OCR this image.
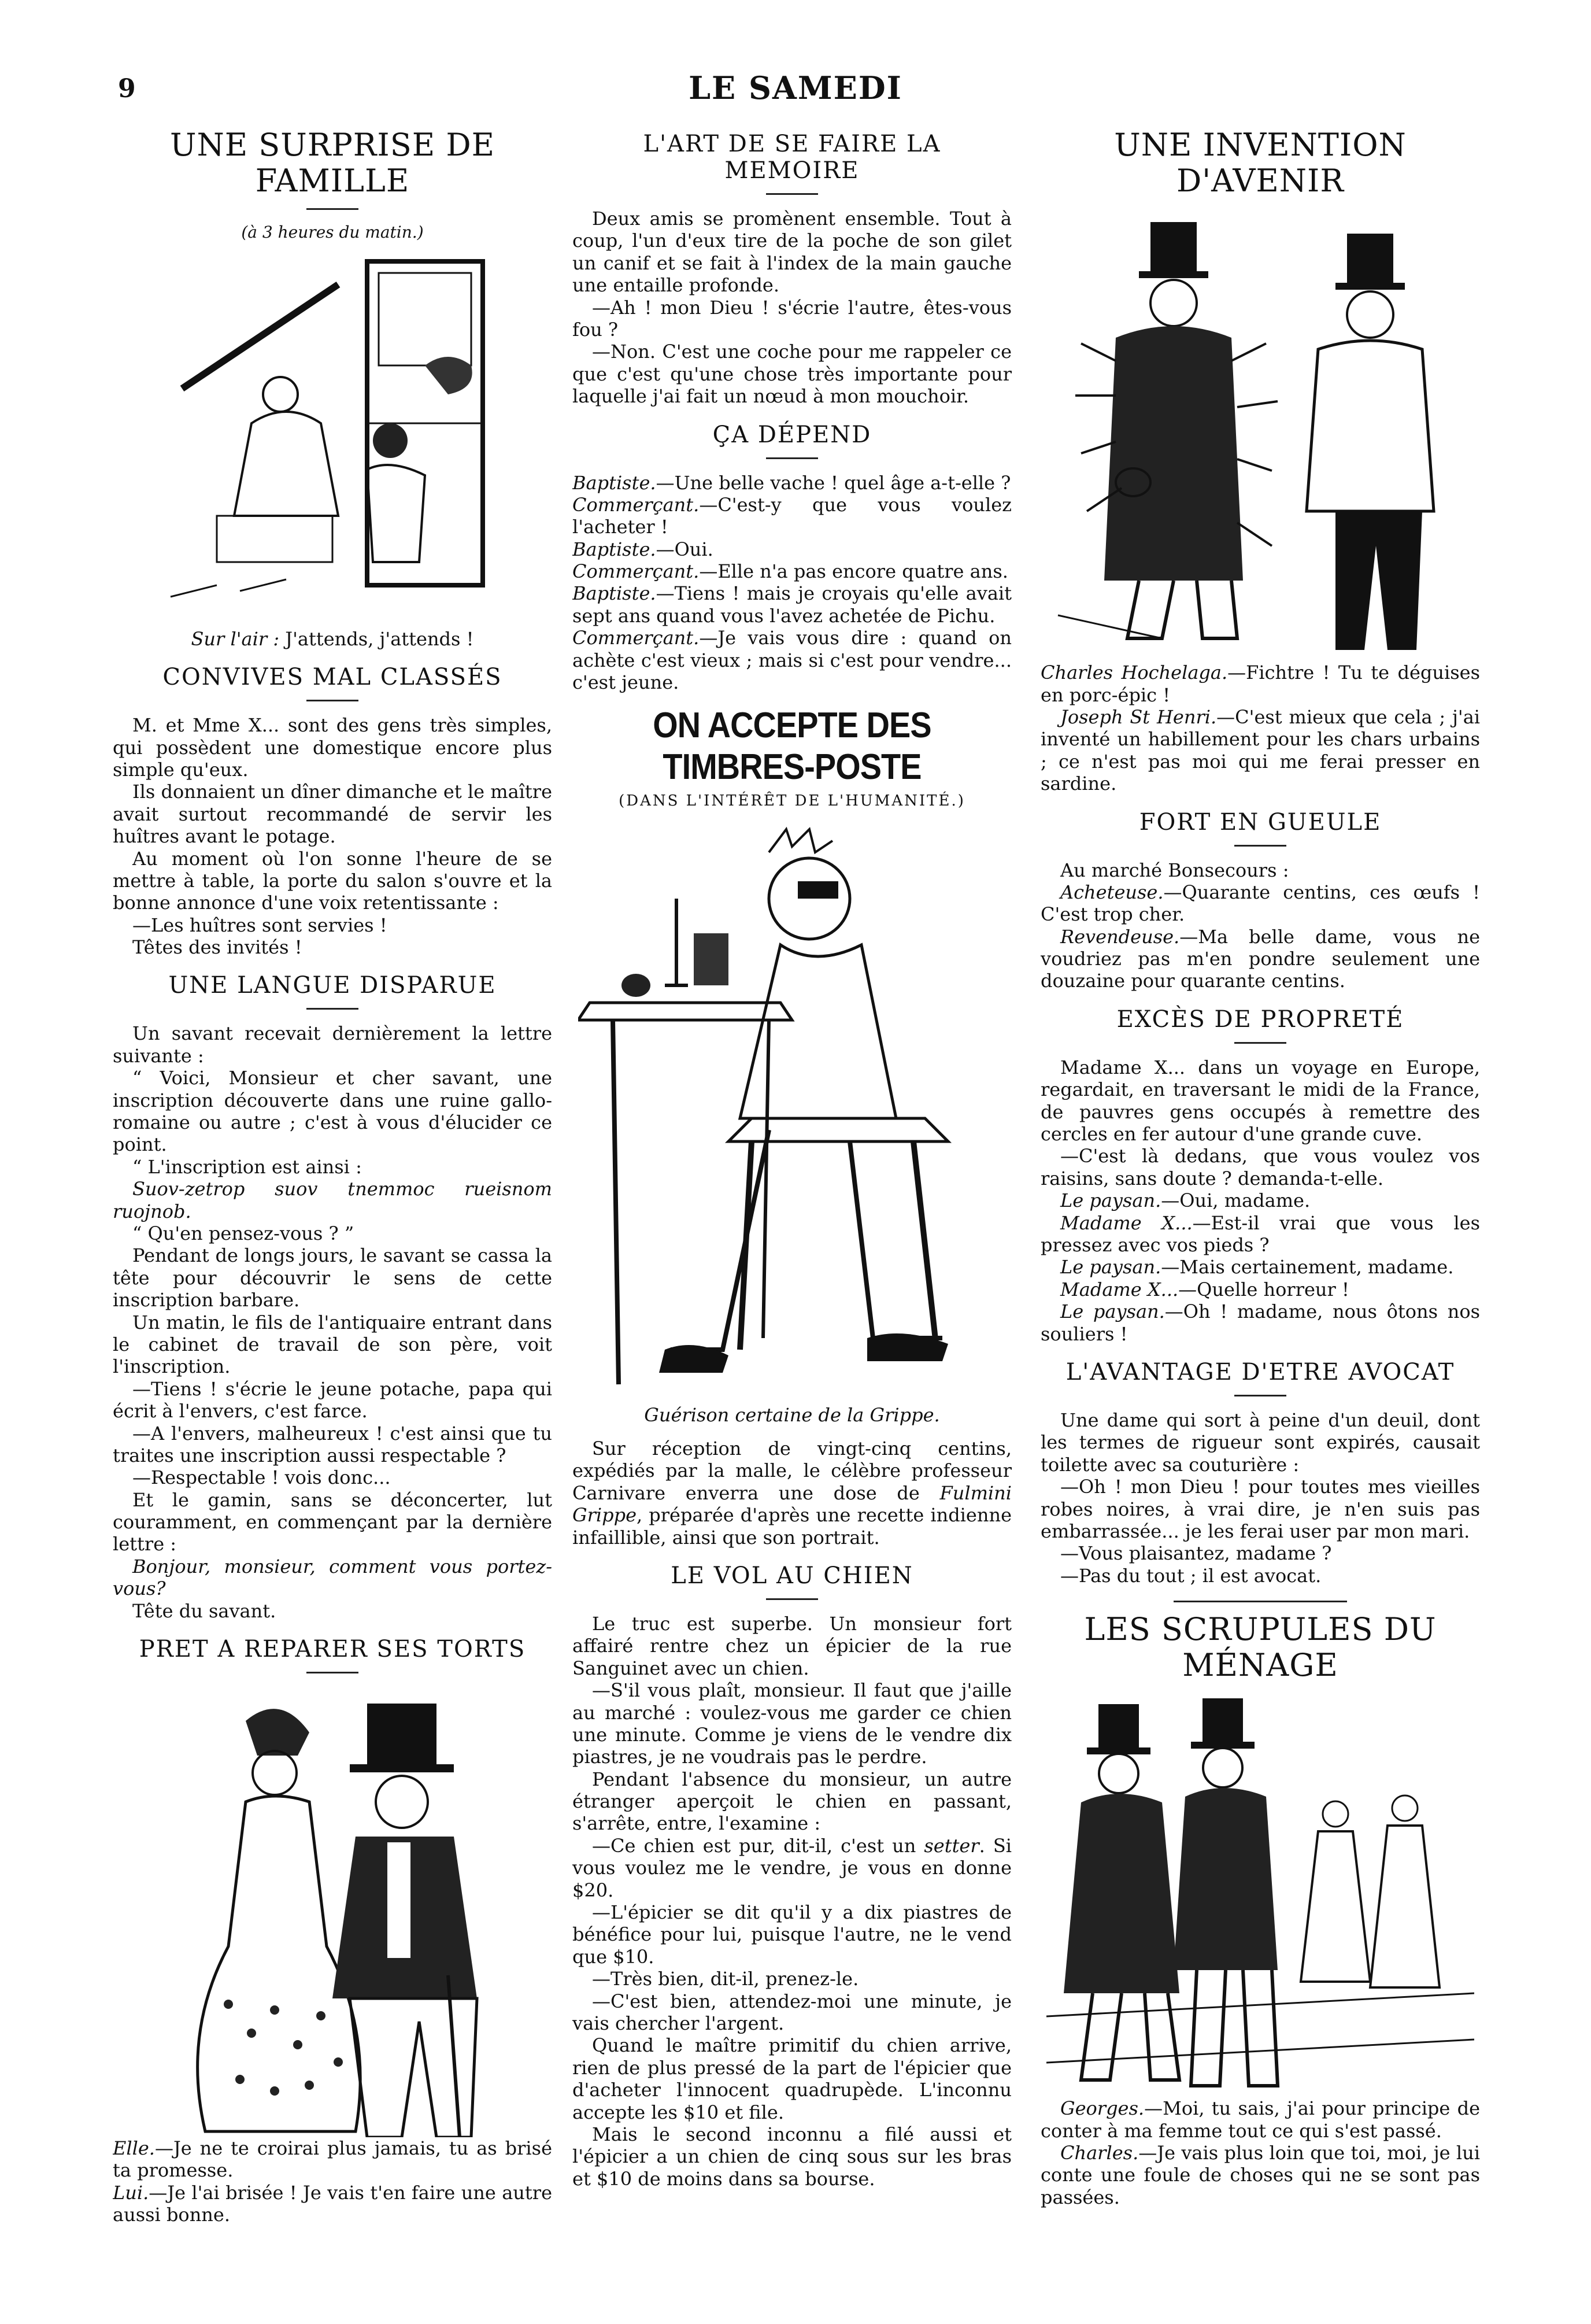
9	LE SAMEDI
UNE SURPRISE DE FAMILLE
(à 3 heures du matin.)
Sur l'air : J'attends, j'attends !
CONVIVES MAL CLASSÉS

M. et Mme X... sont des gens très simples, qui possèdent une domestique encore plus simple qu'eux.

Ils donnaient un dîner dimanche et le maître avait surtout recommandé de servir les huîtres avant le potage.

Au moment où l'on sonne l'heure de se mettre à table, la porte du salon s'ouvre et la bonne annonce d'une voix retentissante :

—Les huîtres sont servies !

Têtes des invités !

UNE LANGUE DISPARUE

Un savant recevait dernièrement la lettre suivante :

“ Voici, Monsieur et cher savant, une inscription découverte dans une ruine gallo-romaine ou autre ; c'est à vous d'élucider ce point.

“ L'inscription est ainsi :

Suov-zetrop suov tnemmoc rueisnom ruojnob.

“ Qu'en pensez-vous ? ”

Pendant de longs jours, le savant se cassa la tête pour découvrir le sens de cette inscription barbare.

Un matin, le fils de l'antiquaire entrant dans le cabinet de travail de son père, voit l'inscription.

—Tiens ! s'écrie le jeune potache, papa qui écrit à l'envers, c'est farce.

—A l'envers, malheureux ! c'est ainsi que tu traites une inscription aussi respectable ?

—Respectable ! vois donc...

Et le gamin, sans se déconcerter, lut couramment, en commençant par la dernière lettre :

Bonjour, monsieur, comment vous portez-vous?

Tête du savant.

PRET A REPARER SES TORTS

Elle.—Je ne te croirai plus jamais, tu as brisé ta promesse.

Lui.—Je l'ai brisée ! Je vais t'en faire une autre aussi bonne.

L'ART DE SE FAIRE LA MEMOIRE

Deux amis se promènent ensemble. Tout à coup, l'un d'eux tire de la poche de son gilet un canif et se fait à l'index de la main gauche une entaille profonde.

—Ah ! mon Dieu ! s'écrie l'autre, êtes-vous fou ?

—Non. C'est une coche pour me rappeler ce que c'est qu'une chose très importante pour laquelle j'ai fait un nœud à mon mouchoir.

ÇA DÉPEND

Baptiste.—Une belle vache ! quel âge a-t-elle ?

Commerçant.—C'est-y que vous voulez l'acheter !

Baptiste.—Oui.

Commerçant.—Elle n'a pas encore quatre ans.

Baptiste.—Tiens ! mais je croyais qu'elle avait sept ans quand vous l'avez achetée de Pichu.

Commerçant.—Je vais vous dire : quand on achète c'est vieux ; mais si c'est pour vendre... c'est jeune.

ON ACCEPTE DES TIMBRES-POSTE
(DANS L'INTÉRÊT DE L'HUMANITÉ.)
Guérison certaine de la Grippe.

Sur réception de vingt-cinq centins, expédiés par la malle, le célèbre professeur Carnivare enverra une dose de Fulmini Grippe, préparée d'après une recette indienne infaillible, ainsi que son portrait.

LE VOL AU CHIEN

Le truc est superbe. Un monsieur fort affairé rentre chez un épicier de la rue Sanguinet avec un chien.

—S'il vous plaît, monsieur. Il faut que j'aille au marché : voulez-vous me garder ce chien une minute. Comme je viens de le vendre dix piastres, je ne voudrais pas le perdre.

Pendant l'absence du monsieur, un autre étranger aperçoit le chien en passant, s'arrête, entre, l'examine :

—Ce chien est pur, dit-il, c'est un setter. Si vous voulez me le vendre, je vous en donne $20.

—L'épicier se dit qu'il y a dix piastres de bénéfice pour lui, puisque l'autre, ne le vend que $10.

—Très bien, dit-il, prenez-le.

—C'est bien, attendez-moi une minute, je vais chercher l'argent.

Quand le maître primitif du chien arrive, rien de plus pressé de la part de l'épicier que d'acheter l'innocent quadrupède. L'inconnu accepte les $10 et file.

Mais le second inconnu a filé aussi et l'épicier a un chien de cinq sous sur les bras et $10 de moins dans sa bourse.

UNE INVENTION D'AVENIR

Charles Hochelaga.—Fichtre ! Tu te déguises en porc-épic !

Joseph St Henri.—C'est mieux que cela ; j'ai inventé un habillement pour les chars urbains ; ce n'est pas moi qui me ferai presser en sardine.

FORT EN GUEULE

Au marché Bonsecours :

Acheteuse.—Quarante centins, ces œufs ! C'est trop cher.

Revendeuse.—Ma belle dame, vous ne voudriez pas m'en pondre seulement une douzaine pour quarante centins.

EXCÈS DE PROPRETÉ

Madame X... dans un voyage en Europe, regardait, en traversant le midi de la France, de pauvres gens occupés à remettre des cercles en fer autour d'une grande cuve.

—C'est là dedans, que vous voulez vos raisins, sans doute ? demanda-t-elle.

Le paysan.—Oui, madame.

Madame X...—Est-il vrai que vous les pressez avec vos pieds ?

Le paysan.—Mais certainement, madame.

Madame X...—Quelle horreur !

Le paysan.—Oh ! madame, nous ôtons nos souliers !

L'AVANTAGE D'ETRE AVOCAT

Une dame qui sort à peine d'un deuil, dont les termes de rigueur sont expirés, causait toilette avec sa couturière :

—Oh ! mon Dieu ! pour toutes mes vieilles robes noires, à vrai dire, je n'en suis pas embarrassée... je les ferai user par mon mari.

—Vous plaisantez, madame ?

—Pas du tout ; il est avocat.

LES SCRUPULES DU MÉNAGE

Georges.—Moi, tu sais, j'ai pour principe de conter à ma femme tout ce qui s'est passé.

Charles.—Je vais plus loin que toi, moi, je lui conte une foule de choses qui ne se sont pas passées.
